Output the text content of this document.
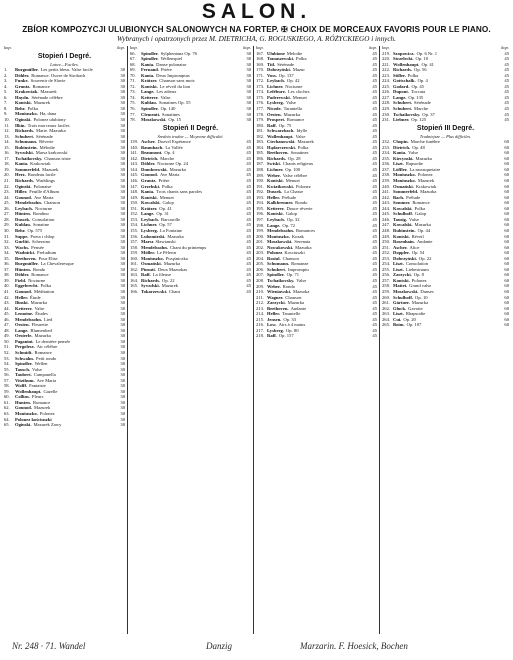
SALON.
ZBÍOR KOMPOZYCJI ULUBIONYCH SALONOWYCH NA FORTEP. ✠ CHOIX DE MORCEAUX FAVORIS POUR LE PIANO.
Wybranych i opatrzonych przez M. DIETRICHA, G. ROGUSKIEGO, A. RÓŻYCKIEGO i innych.
kop.	kop.
Stopień I Degré.
Latwe—Faciles.
1.	Burgmüller. Les petits bleus. Valse facile	30
2.	Döhler. Romance. Ouvre de Strobach	30
3.	Funke. Souvenir de Slavie	30
4.	Gruntz. Romance	30
5.	Krakowiak. Mazurek	30
6.	Haydn. Sérénade célèbre	30
7.	Kontski. Mazurek	30
8.	Behr. Polka	30
9.	Moniuszko. Ha, dana	30
10.	Oginski. Polonez ulubiony	30
11.	Ilkin. Trois morceaux faciles	30
12.	Richards. Marie. Mazurka	30
13.	Schubert. Sérénade	30
14.	Schumann. Rêverie	30
15.	Rubinstein. Mélodie	30
16.	Sywulski. Marsz krakowski	30
17.	Tschaikovsky. Chanson triste	30
18.	Kania. Krakowiak	30
19.	Sommerfeld. Mazurek	30
20.	Herz. Rondeau facile	30
21.	Richards. Warblings	30
22.	Oginski. Polonaise	30
23.	Hiller. Feuille d'Album	30
24.	Gounod. Ave Maria	30
25.	Mendelssohn. Chanson	30
26.	Leybach. Nocturne	30
27.	Hünten. Rondino	30
28.	Dussek. Consolation	30
29.	Kuhlau. Sonatine	30
30.	Behr. Op. 575	30
31.	Suppe. Poeta i chłop	30
32.	Gurlitt. Scherzino	30
33.	Wachs. Pensée	30
34.	Wadnicki. Preludium	30
35.	Beethoven. Pour Elise	30
36.	Burgmüller. La Chevaleresque	30
37.	Hünten. Rondo	30
38.	Döhler. Romance	30
39.	Field. Nocturne	30
40.	Eggebrecht. Polka	30
41.	Gounod. Méditation	30
42.	Heller. Étude	30
43.	Ilinski. Mazurka	30
44.	Ketterer. Valse	30
45.	Lemoine. Études	30
46.	Mendelssohn. Lied	30
47.	Oesten. Fleurette	30
48.	Lange. Blumenlied	30
49.	Oesterle. Mazurka	30
50.	Paganini. Le dernière pensée	30
51.	Pergolese. Air célèbre	30
52.	Schmidt. Romance	30
53.	Schwalm. Petit rondo	30
54.	Spindler. Wellen	30
55.	Tausch. Valse	30
56.	Taubert. Campanella	30
57.	Vitzthum. Ave Maria	30
58.	Wolff. Fantaisie	30
59.	Wollenhaupt. Gazelle	30
60.	Collins. Fleurs	30
61.	Hunten. Romance	30
62.	Gounod. Mazurek	30
63.	Moniuszko. Polonez	30
64.	Polonez kościuszki	30
65.	Oginski. Mazurek Zawy	30
kop.	kop.
66.	Spindler. Sylphentanz Op. 76	30
67.	Spindler. Wellenspiel	30
68.	Kania. Danse polonaise	30
69.	Fernand. Prière	30
70.	Kania. Deux Impromptus	30
71.	Krätzer. Chanson sans mots	30
72.	Kontski. Le réveil du lion	30
73.	Lange. Les adieux	30
74.	Ketterer. Valse	30
75.	Kuhlau. Sonatines Op. 55	30
76.	Spindler. Op. 140	30
77.	Clementi. Sonatines	30
78.	Moszkowski. Op. 15	30
Stopień II Degré.
Średnio trudne — Moyenne difficulté.
139. Ascher. Dozvel Espérance	45
140. Baumbach. La Vallée	45
141. Beaumont. Op. 4	45
142. Dietrich. Marche	45
143. Döhler. Nocturne Op. 24	45
144. Dumbrowski. Mazurka	45
145. Gounod. Ave Maria	45
146. Gruntz. Prière	45
147. Grzebski. Polka	45
148. Kania. Trois chants sans paroles	45
149. Kontski. Menuet	45
150. Kowalski. Galop	45
151. Krätzer. Op. 41	45
152. Lange. Op. 31	45
153. Leybach. Barcarolle	45
154. Lichner. Op. 57	45
155. Lysberg. La Fontaine	45
156. Lubomirski. Mazurka	45
157. Marsz Sławianski	45
158. Mendelssohn. Chant du printemps	45
159. Möller. Le Pèlerin	45
160. Moniuszko. Prząśniczka	45
161. Osmański. Mazurka	45
162. Pinsuti. Deux Mazurkas	45
163. Raff. La fileuse	45
164. Richards. Op. 22	45
165. Sywulski. Mazurek	45
166. Tokarzewski. Chant	45
kop.	kop.
167. Ulubione Melodie	45
168. Tomaszewski. Polka	45
169. Titl. Sérénade	45
170. Dobrzyński. Mazur	45
171. Voss. Op. 137	45
172. Leybach. Op. 42	45
173. Lichner. Nocturne	45
174. Lefébure. Les cloches	45
175. Paderewski. Menuet	45
176. Lysberg. Valse	45
177. Nicode. Tarantella	45
178. Oesten. Mazurka	45
179. Prosperi. Romance	45
180. Raff. Op. 75	45
181. Schwarzbach. Idylle	45
182. Wollenhaupt. Valse	45
183. Ciechanowski. Mazurek	45
184. Hądarczewski. Polka	45
185. Beethoven. Sonatines	45
186. Richards. Op. 28	45
187. Swiski. Chants religieux	45
188. Lichner. Op. 100	45
189. Weber. Valse célèbre	45
190. Kontski. Menuet	45
191. Kwiatkowski. Polonez	45
192. Dussek. La Chasse	45
193. Heller. Prélude	45
194. Kalkbrenner. Rondo	45
195. Ketterer. Douce rêverie	45
196. Kontski. Galop	45
197. Leybach. Op. 32	45
198. Lange. Op. 72	45
199. Mendelssohn. Romances	45
200. Moniuszko. Kozak	45
201. Moszkowski. Serenata	45
202. Nowakowski. Mazurka	45
203. Polonez Kosciuszki	45
204. Rosiul. Chanson	45
205. Schumann. Romanze	45
206. Schubert. Impromptu	45
207. Spindler. Op. 71	45
208. Tschaikovsky. Valse	45
209. Weber. Rondo	45
210. Wieniawski. Mazurka	45
211. Wagner. Chanson	45
212. Zarzycki. Mazurka	45
213. Beethoven. Andante	45
214. Heller. Tarantelle	45
215. Jensen. Op. 33	45
216. Low. Airs à 4 mains	45
217. Lysberg. Op. 80	45
218. Raff. Op. 157	45
kop.	kop.
219. Szopowicz. Op. 6 Nr. 1	45
220. Strzelecki. Op. 10	45
221. Wollenhaupt. Op. 41	45
222. Richards. Op. 56	45
223. Stiller. Polka	45
224. Gottschalk. Op. 4	45
225. Godard. Op. 45	45
226. Dupont. Toccata	45
227. Lange. Op. 135	45
228. Schubert. Sérénade	45
229. Schubert. Marche	45
230. Tschaikovsky. Op. 37	45
231. Liebner. Op. 125	45
Stopień III Degré.
Trudniejsze — Plus difficiles.
232. Chopin. Marche funèbre	60
233. Dietrich. Op. 48	60
234. Kania. Valse	60
235. Kiecynski. Mazurka	60
236. Liszt. Rapsodie	60
237. Löffler. La mousquetaire	60
238. Moniuszko. Polonez	60
239. Moniuszko. Mazurek	60
240. Osmański. Krakowiak	60
241. Sommerfeld. Mazurka	60
242. Bach. Prélude	60
243. Sommer. Romance	60
244. Kowalski. Polka	60
245. Schulhoff. Galop	60
246. Tausig. Valse	60
247. Kowalski. Mazurka	60
248. Rubinstein. Op. 44	60
249. Kontski. Réveil	60
250. Rosenhain. Andante	60
251. Ascher. Alice	60
252. Doppler. Op. 54	60
253. Dobrzyński. Op. 22	60
254. Liszt. Consolation	60
255. Liszt. Liebestraum	60
256. Zarzycki. Op. 8	60
257. Kontski. Polonez	60
258. Mattei. Grand valse	60
259. Moszkowski. Danses	60
260. Schulhoff. Op. 10	60
261. Gärtner. Mazurka	60
262. Gluck. Gavotte	60
263. Liszt. Rhapsodie	60
264. Cui. Op. 20	60
265. Boim. Op. 107	60
Nr. 248 · 71. Wandel	Danzig	Marzarin. F. Hoesick, Bochen
